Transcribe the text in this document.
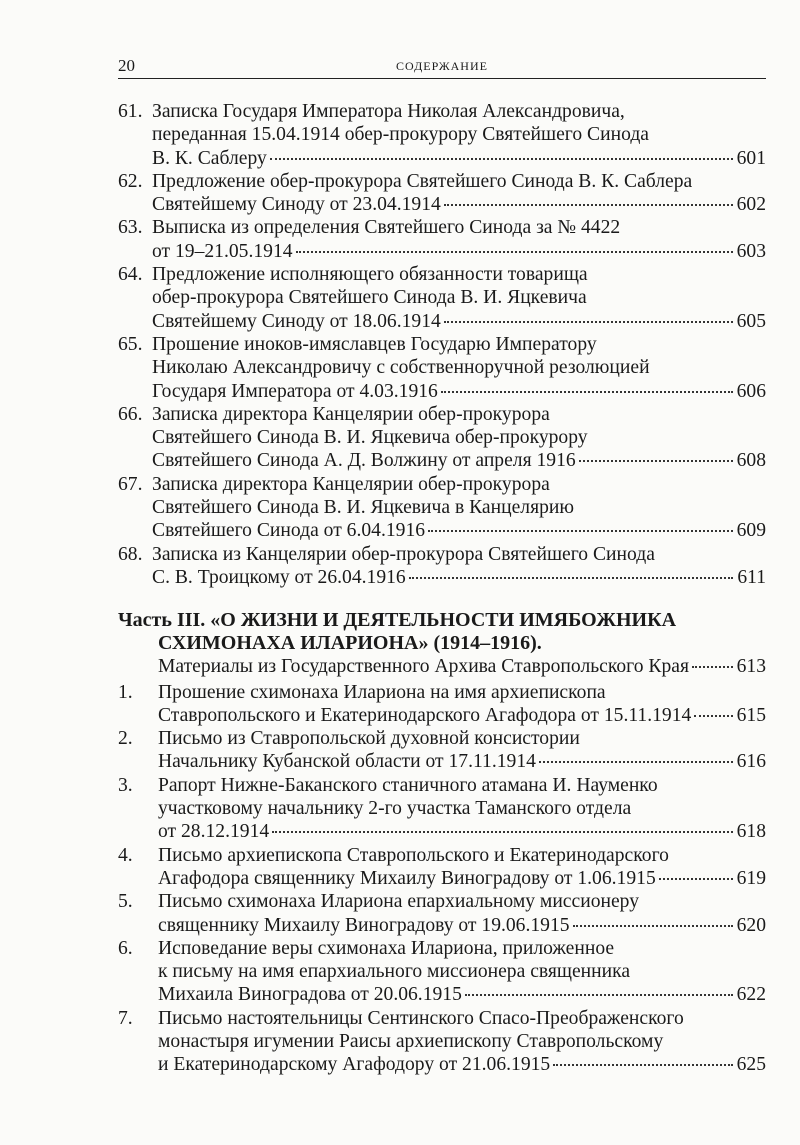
20	СОДЕРЖАНИЕ
61. Записка Государя Императора Николая Александровича,
переданная 15.04.1914 обер-прокурору Святейшего Синода
В. К. Саблеру	601
62. Предложение обер-прокурора Святейшего Синода В. К. Саблера
Святейшему Синоду от 23.04.1914	602
63. Выписка из определения Святейшего Синода за № 4422
от 19–21.05.1914	603
64. Предложение исполняющего обязанности товарища
обер-прокурора Святейшего Синода В. И. Яцкевича
Святейшему Синоду от 18.06.1914	605
65. Прошение иноков-имяславцев Государю Императору
Николаю Александровичу с собственноручной резолюцией
Государя Императора от 4.03.1916	606
66. Записка директора Канцелярии обер-прокурора
Святейшего Синода В. И. Яцкевича обер-прокурору
Святейшего Синода А. Д. Волжину от апреля 1916	608
67. Записка директора Канцелярии обер-прокурора
Святейшего Синода В. И. Яцкевича в Канцелярию
Святейшего Синода от 6.04.1916	609
68. Записка из Канцелярии обер-прокурора Святейшего Синода
С. В. Троицкому от 26.04.1916	611
Часть III. «О ЖИЗНИ И ДЕЯТЕЛЬНОСТИ ИМЯБОЖНИКА
СХИМОНАХА ИЛАРИОНА» (1914–1916).
Материалы из Государственного Архива Ставропольского Края 613
1. Прошение схимонаха Илариона на имя архиепископа
Ставропольского и Екатеринодарского Агафодора от 15.11.1914 615
2. Письмо из Ставропольской духовной консистории
Начальнику Кубанской области от 17.11.1914	616
3. Рапорт Нижне-Баканского станичного атамана И. Науменко
участковому начальнику 2-го участка Таманского отдела
от 28.12.1914	618
4. Письмо архиепископа Ставропольского и Екатеринодарского
Агафодора священнику Михаилу Виноградову от 1.06.1915	619
5. Письмо схимонаха Илариона епархиальному миссионеру
священнику Михаилу Виноградову от 19.06.1915	620
6. Исповедание веры схимонаха Илариона, приложенное
к письму на имя епархиального миссионера священника
Михаила Виноградова от 20.06.1915	622
7. Письмо настоятельницы Сентинского Спасо-Преображенского
монастыря игумении Раисы архиепископу Ставропольскому
и Екатеринодарскому Агафодору от 21.06.1915	625
